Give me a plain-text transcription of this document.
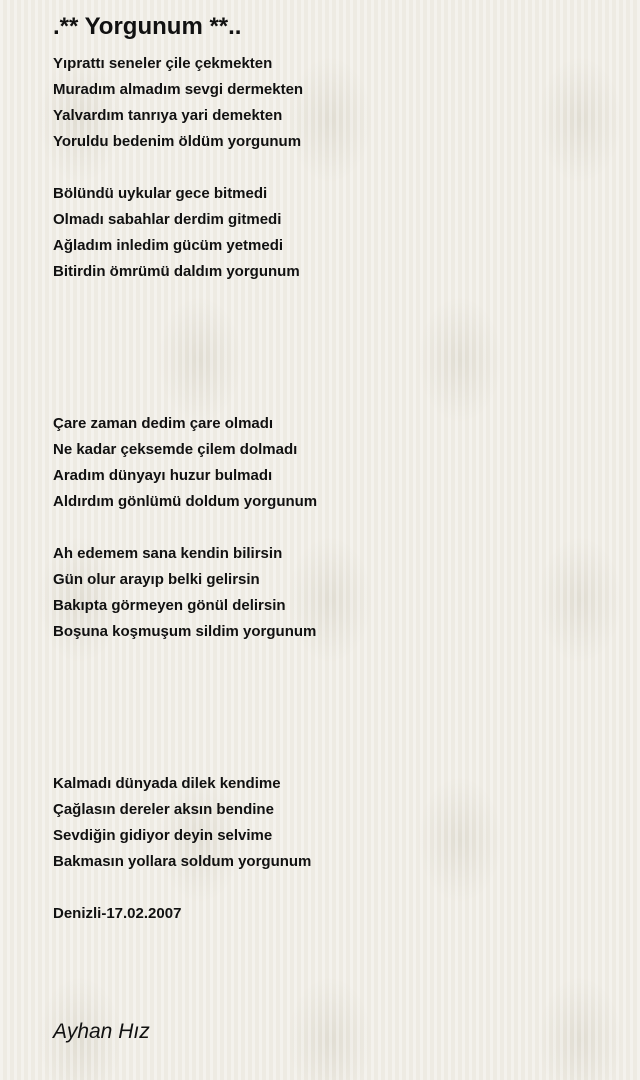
.** Yorgunum **..
Yıprattı seneler çile çekmekten
Muradım almadım sevgi dermekten
Yalvardım tanrıya yari demekten
Yoruldu bedenim öldüm yorgunum
Bölündü uykular gece bitmedi
Olmadı sabahlar derdim gitmedi
Ağladım inledim gücüm yetmedi
Bitirdin ömrümü daldım yorgunum
Çare zaman dedim çare olmadı
Ne kadar çeksemde çilem dolmadı
Aradım dünyayı huzur bulmadı
Aldırdım gönlümü doldum yorgunum
Ah edemem sana kendin bilirsin
Gün olur arayıp belki gelirsin
Bakıpta görmeyen gönül delirsin
Boşuna koşmuşum sildim yorgunum
Kalmadı dünyada dilek kendime
Çağlasın dereler aksın bendine
Sevdiğin gidiyor deyin selvime
Bakmasın yollara soldum yorgunum
Denizli-17.02.2007

Ayhan Hız
